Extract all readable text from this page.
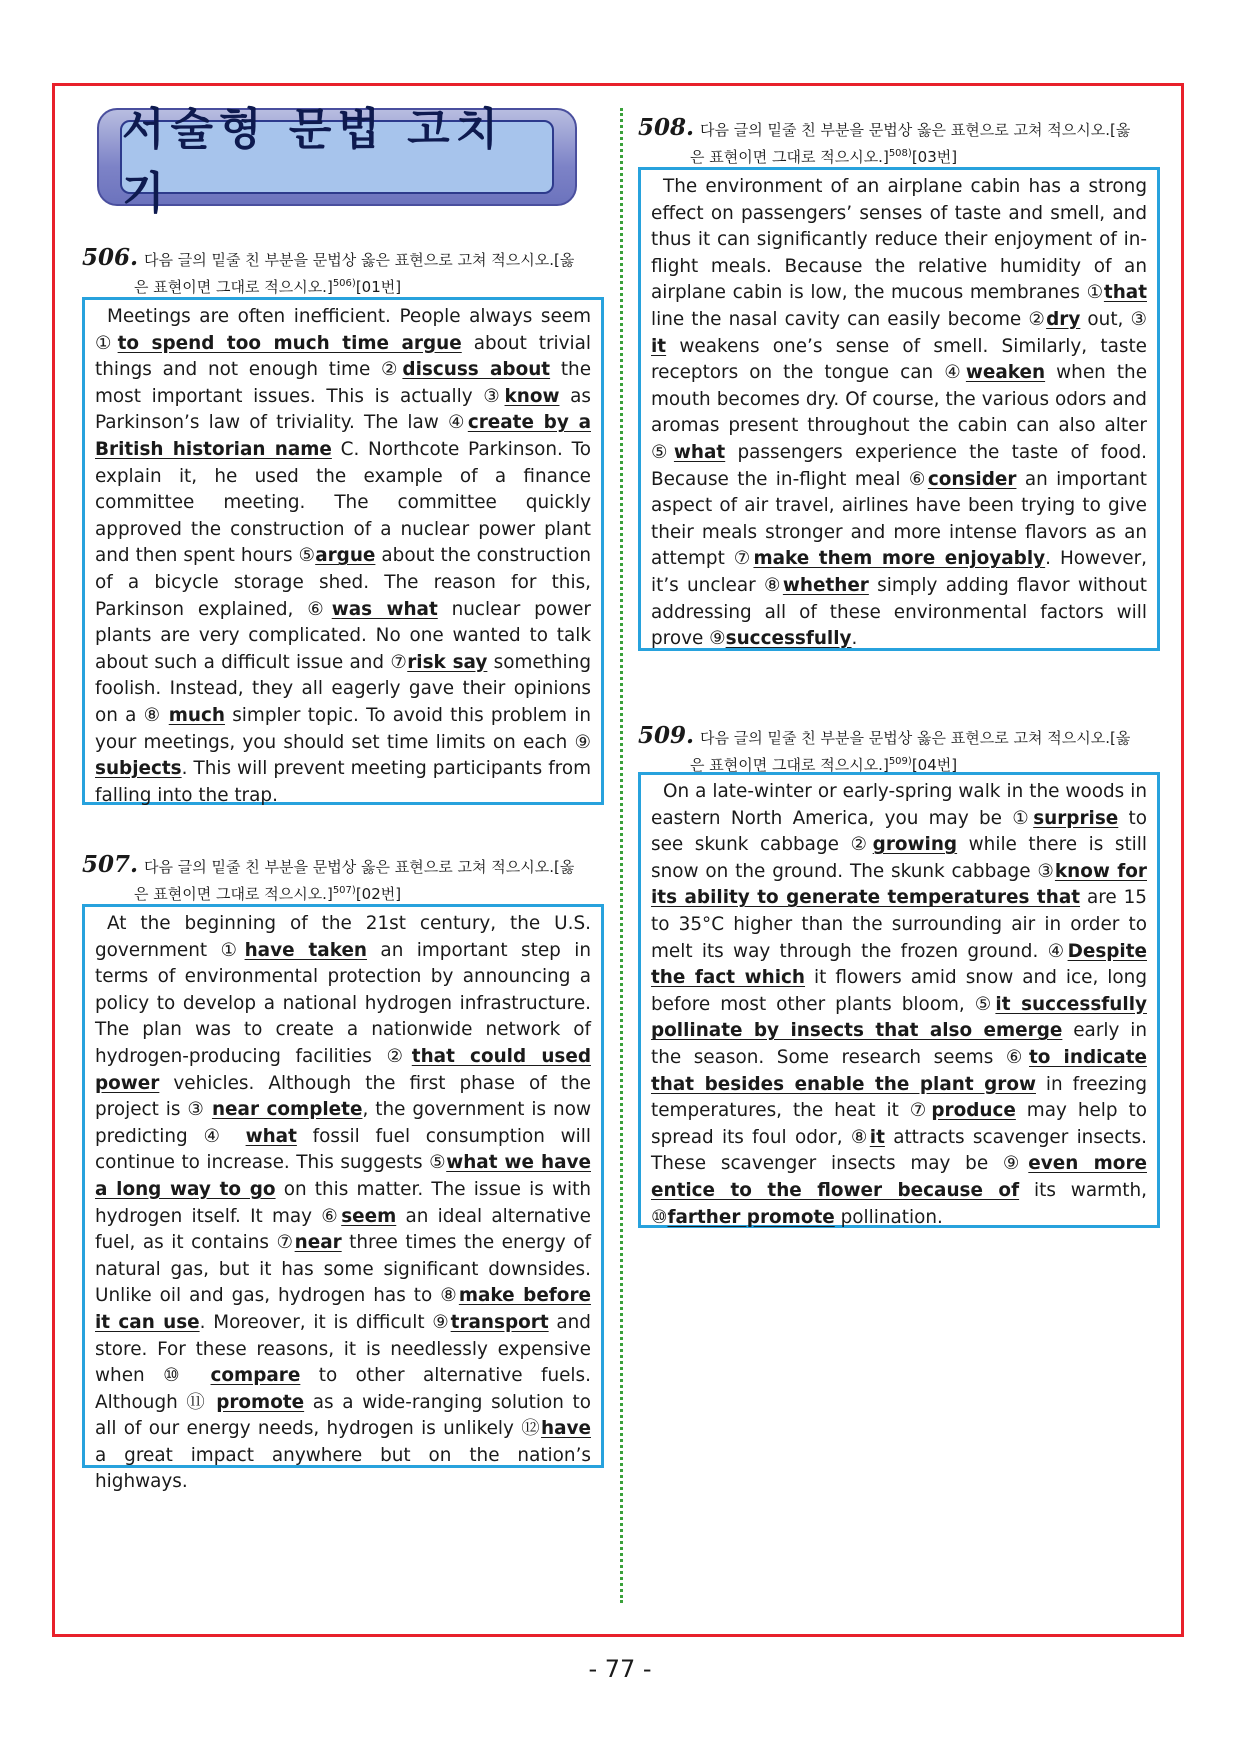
서술형 문법 고치기
506. 다음 글의 밑줄 친 부분을 문법상 옳은 표현으로 고쳐 적으시오.[옳
은 표현이면 그대로 적으시오.]$^{506)}$[01번]

Meetings are often inefficient. People always seem ①to spend too much time argue about trivial things and not enough time ②discuss about the most important issues. This is actually ③know as Parkinson’s law of triviality. The law ④create by a British historian name C. Northcote Parkinson. To explain it, he used the example of a finance committee meeting. The committee quickly approved the construction of a nuclear power plant and then spent hours ⑤argue about the construction of a bicycle storage shed. The reason for this, Parkinson explained, ⑥was what nuclear power plants are very complicated. No one wanted to talk about such a difficult issue and ⑦risk say something foolish. Instead, they all eagerly gave their opinions on a ⑧ much simpler topic. To avoid this problem in your meetings, you should set time limits on each ⑨ subjects. This will prevent meeting participants from falling into the trap.

507. 다음 글의 밑줄 친 부분을 문법상 옳은 표현으로 고쳐 적으시오.[옳
은 표현이면 그대로 적으시오.]$^{507)}$[02번]

At the beginning of the 21st century, the U.S. government ①have taken an important step in terms of environmental protection by announcing a policy to develop a national hydrogen infrastructure. The plan was to create a nationwide network of hydrogen-producing facilities ②that could used power vehicles. Although the first phase of the project is ③ near complete, the government is now predicting ④ what fossil fuel consumption will continue to increase. This suggests ⑤what we have a long way to go on this matter. The issue is with hydrogen itself. It may ⑥seem an ideal alternative fuel, as it contains ⑦near three times the energy of natural gas, but it has some significant downsides. Unlike oil and gas, hydrogen has to ⑧make before it can use. Moreover, it is difficult ⑨transport and store. For these reasons, it is needlessly expensive when ⑩ compare to other alternative fuels. Although ⑪ promote as a wide-ranging solution to all of our energy needs, hydrogen is unlikely ⑫have a great impact anywhere but on the nation’s highways.

508. 다음 글의 밑줄 친 부분을 문법상 옳은 표현으로 고쳐 적으시오.[옳
은 표현이면 그대로 적으시오.]$^{508)}$[03번]

The environment of an airplane cabin has a strong effect on passengers’ senses of taste and smell, and thus it can significantly reduce their enjoyment of in-flight meals. Because the relative humidity of an airplane cabin is low, the mucous membranes ①that line the nasal cavity can easily become ②dry out, ③ it weakens one’s sense of smell. Similarly, taste receptors on the tongue can ④weaken when the mouth becomes dry. Of course, the various odors and aromas present throughout the cabin can also alter ⑤what passengers experience the taste of food. Because the in-flight meal ⑥consider an important aspect of air travel, airlines have been trying to give their meals stronger and more intense flavors as an attempt ⑦make them more enjoyably. However, it’s unclear ⑧whether simply adding flavor without addressing all of these environmental factors will prove ⑨successfully.

509. 다음 글의 밑줄 친 부분을 문법상 옳은 표현으로 고쳐 적으시오.[옳
은 표현이면 그대로 적으시오.]$^{509)}$[04번]

On a late-winter or early-spring walk in the woods in eastern North America, you may be ①surprise to see skunk cabbage ②growing while there is still snow on the ground. The skunk cabbage ③know for its ability to generate temperatures that are 15 to 35°C higher than the surrounding air in order to melt its way through the frozen ground. ④Despite the fact which it flowers amid snow and ice, long before most other plants bloom, ⑤it successfully pollinate by insects that also emerge early in the season. Some research seems ⑥to indicate that besides enable the plant grow in freezing temperatures, the heat it ⑦produce may help to spread its foul odor, ⑧it attracts scavenger insects. These scavenger insects may be ⑨even more entice to the flower because of its warmth, ⑩farther promote pollination.

- 77 -
